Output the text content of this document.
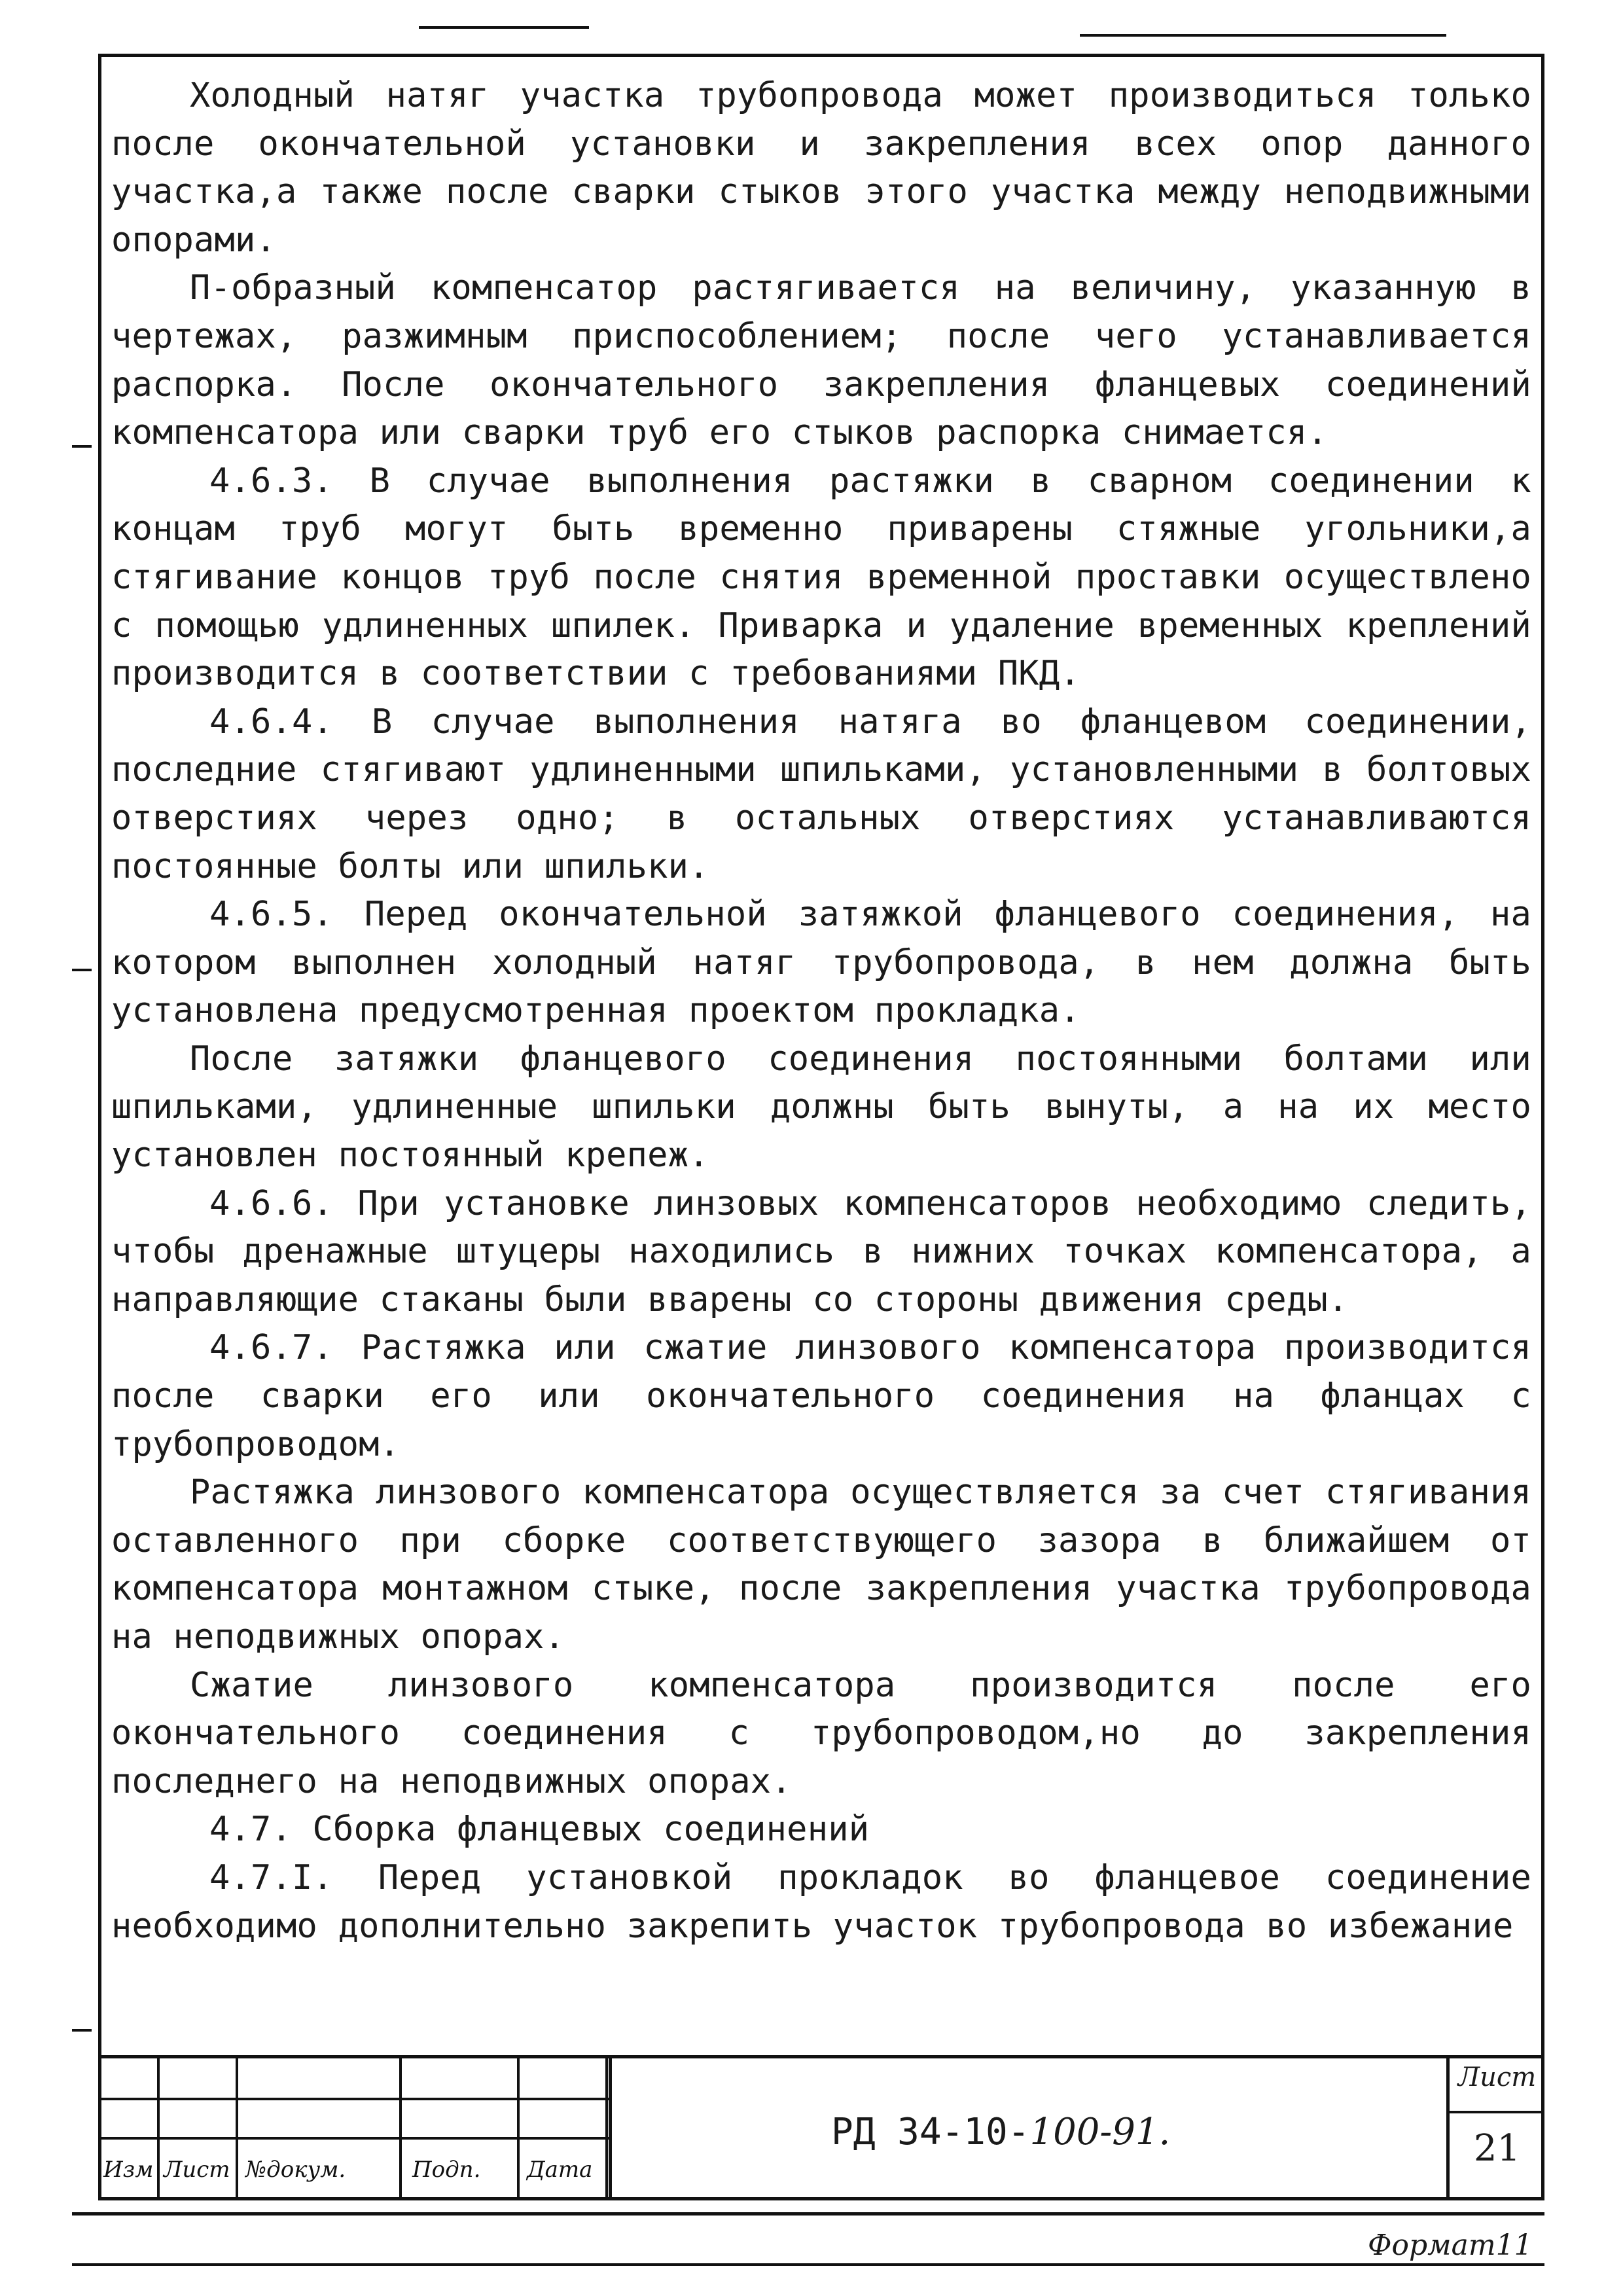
Холодный натяг участка трубопровода может производиться только после окончательной установки и закрепления всех опор данного участка,а также после сварки стыков этого участка между неподвижными опорами.

П-образный компенсатор растягивается на величину, указанную в чертежах, разжимным приспособлением; после чего устанавливается распорка. После окончательного закрепления фланцевых соединений компенсатора или сварки труб его стыков распорка снимается.

4.6.3. В случае выполнения растяжки в сварном соединении к концам труб могут быть временно приварены стяжные угольники,а стягивание концов труб после снятия временной проставки осуществлено с помощью удлиненных шпилек. Приварка и удаление временных креплений производится в соответствии с требованиями ПКД.

4.6.4. В случае выполнения натяга во фланцевом соединении, последние стягивают удлиненными шпильками, установленными в болтовых отверстиях через одно; в остальных отверстиях устанавливаются постоянные болты или шпильки.

4.6.5. Перед окончательной затяжкой фланцевого соединения, на котором выполнен холодный натяг трубопровода, в нем должна быть установлена предусмотренная проектом прокладка.

После затяжки фланцевого соединения постоянными болтами или шпильками, удлиненные шпильки должны быть вынуты, а на их место установлен постоянный крепеж.

4.6.6. При установке линзовых компенсаторов необходимо следить, чтобы дренажные штуцеры находились в нижних точках компенсатора, а направляющие стаканы были вварены со стороны движения среды.

4.6.7. Растяжка или сжатие линзового компенсатора производится после сварки его или окончательного соединения на фланцах с трубопроводом.

Растяжка линзового компенсатора осуществляется за счет стягивания оставленного при сборке соответствующего зазора в ближайшем от компенсатора монтажном стыке, после закрепления участка трубопровода на неподвижных опорах.

Сжатие линзового компенсатора производится после его окончательного соединения с трубопроводом,но до закрепления последнего на неподвижных опорах.

4.7. Сборка фланцевых соединений

4.7.I. Перед установкой прокладок во фланцевое соединение необходимо дополнительно закрепить участок трубопровода во избежание

Изм Лист №докум.	Подп. Дата
РД 34-10-100-91.
Лист
21
Формат11
